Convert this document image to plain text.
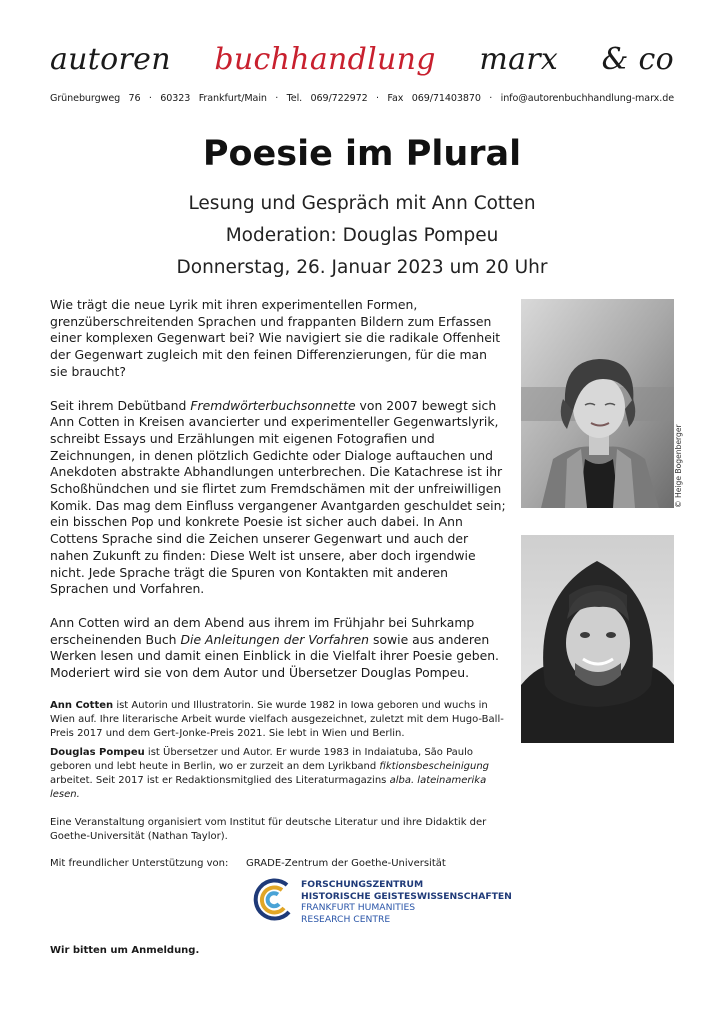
autoren buchhandlung marx & co
Grüneburgweg 76 · 60323 Frankfurt/Main · Tel. 069/722972 · Fax 069/71403870 · info@autorenbuchhandlung-marx.de
Poesie im Plural
Lesung und Gespräch mit Ann Cotten
Moderation: Douglas Pompeu
Donnerstag, 26. Januar 2023 um 20 Uhr

Wie trägt die neue Lyrik mit ihren experimentellen Formen, grenzüberschreitenden Sprachen und frappanten Bildern zum Erfassen einer komplexen Gegenwart bei? Wie navigiert sie die radikale Offenheit der Gegenwart zugleich mit den feinen Differenzierungen, für die man sie braucht?

Seit ihrem Debütband Fremdwörterbuchsonnette von 2007 bewegt sich Ann Cotten in Kreisen avancierter und experimenteller Gegenwartslyrik, schreibt Essays und Erzählungen mit eigenen Fotografien und Zeichnungen, in denen plötzlich Gedichte oder Dialoge auftauchen und Anekdoten abstrakte Abhandlungen unterbrechen. Die Katachrese ist ihr Schoßhündchen und sie flirtet zum Fremdschämen mit der unfreiwilligen Komik. Das mag dem Einfluss vergangener Avantgarden geschuldet sein; ein bisschen Pop und konkrete Poesie ist sicher auch dabei. In Ann Cottens Sprache sind die Zeichen unserer Gegenwart und auch der nahen Zukunft zu finden: Diese Welt ist unsere, aber doch irgendwie nicht. Jede Sprache trägt die Spuren von Kontakten mit anderen Sprachen und Vorfahren.

Ann Cotten wird an dem Abend aus ihrem im Frühjahr bei Suhrkamp erscheinenden Buch Die Anleitungen der Vorfahren sowie aus anderen Werken lesen und damit einen Einblick in die Vielfalt ihrer Poesie geben. Moderiert wird sie von dem Autor und Übersetzer Douglas Pompeu.

Ann Cotten ist Autorin und Illustratorin. Sie wurde 1982 in Iowa geboren und wuchs in Wien auf. Ihre literarische Arbeit wurde vielfach ausgezeichnet, zuletzt mit dem Hugo-Ball-Preis 2017 und dem Gert-Jonke-Preis 2021. Sie lebt in Wien und Berlin.

Douglas Pompeu ist Übersetzer und Autor. Er wurde 1983 in Indaiatuba, São Paulo geboren und lebt heute in Berlin, wo er zurzeit an dem Lyrikband fiktionsbescheinigung arbeitet. Seit 2017 ist er Redaktionsmitglied des Literaturmagazins alba. lateinamerika lesen.

Eine Veranstaltung organisiert vom Institut für deutsche Literatur und ihre Didaktik der Goethe-Universität (Nathan Taylor).

Mit freundlicher Unterstützung von: GRADE-Zentrum der Goethe-Universität
FORSCHUNGSZENTRUM
HISTORISCHE GEISTESWISSENSCHAFTEN
FRANKFURT HUMANITIES
RESEARCH CENTRE
Wir bitten um Anmeldung.
© Heige Bogenberger
